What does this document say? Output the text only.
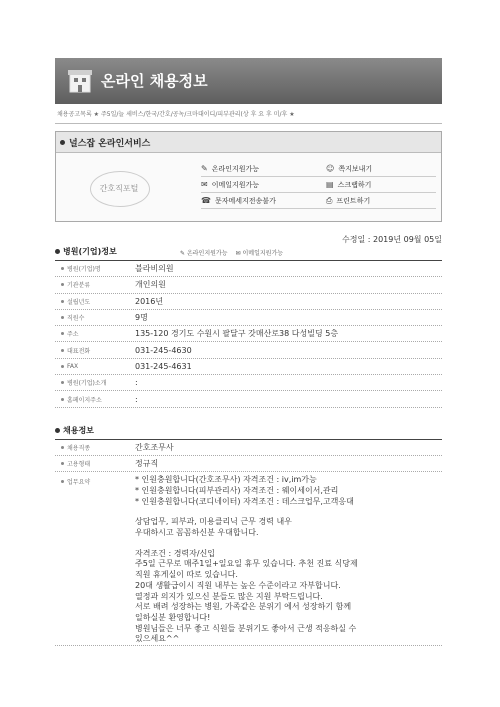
온라인 채용정보
채용공고목록 ★ 주5일/늘 세비스/한국/간호/공녹/크마대이디/피부관리(상 후 요 후 미/후 ★
널스잡 온라인서비스
간호직포털
✎ 온라인지원가능
✉ 이메일지원가능
☎ 문자메세지전송불가
☺ 쪽지보내기
▤ 스크랩하기
⎙ 프린트하기
병원(기업)정보	✎ 온라인지원가능 ✉ 이메일지원가능
수정일 : 2019년 09월 05일
병원(기업)명	블라비의원
기관분류	개인의원
설립년도	2016년
직원수	9명
주소	135-120 경기도 수원시 팔달구 갓매산로38 다성빌딩 5층
대표전화	031-245-4630
FAX	031-245-4631
병원(기업)소개	:
홈페이지주소	:
채용정보
채용직종	간호조무사
고용형태	정규직
업무요약	* 인원충원합니다(간호조무사) 자격조건 : iv,im가능
* 인원충원합니다(피부관리사) 자격조건 : 웨이세이서,관리
* 인원충원합니다(코디네이터) 자격조건 : 데스크업무,고객응대
상담업무, 피부과, 미용클리닉 근무 경력 내우
우대하시고 꼼꼼하신분 우대합니다.
자격조건 : 경력자/신입
주5일 근무로 매주1일+일요일 휴무 있습니다. 추천 진료 식당제
직원 휴게실이 따로 있습니다.
20대 생활급이시 직원 내부는 높은 수준이라고 자부합니다.
열정과 의지가 있으신 분들도 많은 지원 부탁드립니다.
서로 배려 성장하는 병원, 가족같은 분위기 에서 성장하기 함께
일하실분 환영합니다!
병원님들은 너무 좋고 식원들 분위기도 좋아서 근생 적응하실 수
있으세요^^
